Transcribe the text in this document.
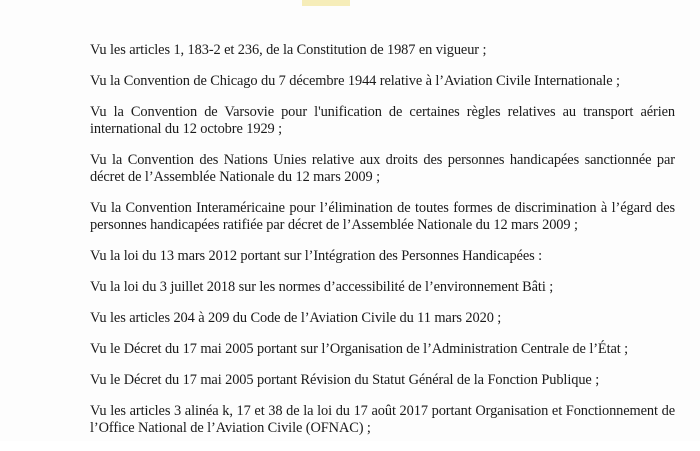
Vu les articles 1, 183-2 et 236, de la Constitution de 1987 en vigueur ;
Vu la Convention de Chicago du 7 décembre 1944 relative à l’Aviation Civile Internationale ;
Vu la Convention de Varsovie pour l'unification de certaines règles relatives au transport aérien international du 12 octobre 1929 ;
Vu la Convention des Nations Unies relative aux droits des personnes handicapées sanctionnée par décret de l’Assemblée Nationale du 12 mars 2009 ;
Vu la Convention Interaméricaine pour l’élimination de toutes formes de discrimination à l’égard des personnes handicapées ratifiée par décret de l’Assemblée Nationale du 12 mars 2009 ;
Vu la loi du 13 mars 2012 portant sur l’Intégration des Personnes Handicapées :
Vu la loi du 3 juillet 2018 sur les normes d’accessibilité de l’environnement Bâti ;
Vu les articles 204 à 209 du Code de l’Aviation Civile du 11 mars 2020 ;
Vu le Décret du 17 mai 2005 portant sur l’Organisation de l’Administration Centrale de l’État ;
Vu le Décret du 17 mai 2005 portant Révision du Statut Général de la Fonction Publique ;
Vu les articles 3 alinéa k, 17 et 38 de la loi du 17 août 2017 portant Organisation et Fonctionnement de l’Office National de l’Aviation Civile (OFNAC) ;
